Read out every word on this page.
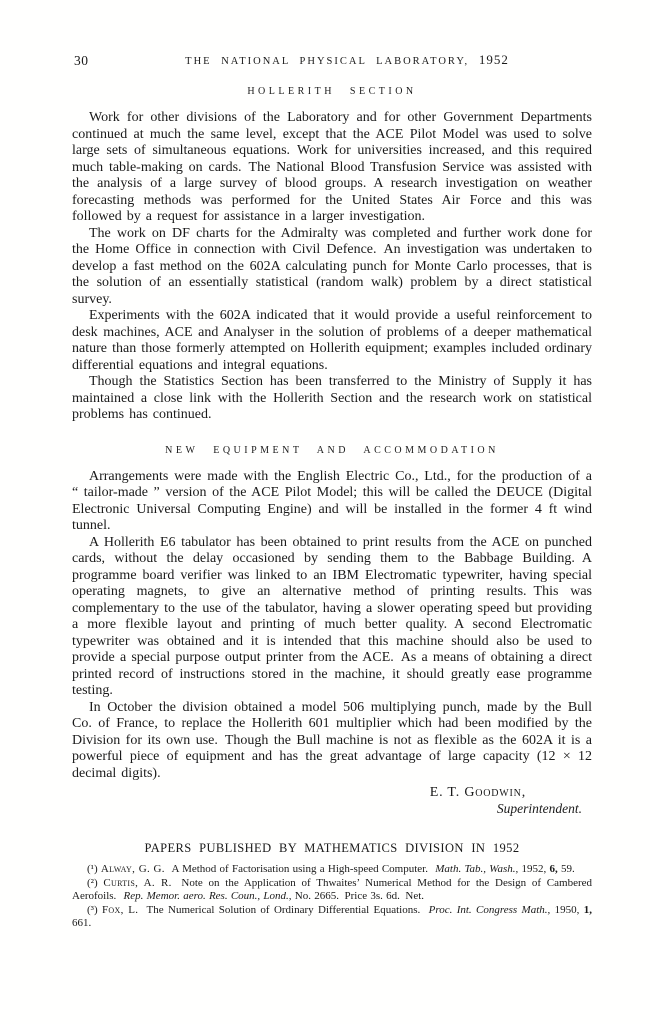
30	THE NATIONAL PHYSICAL LABORATORY, 1952
HOLLERITH SECTION

Work for other divisions of the Laboratory and for other Government Departments continued at much the same level, except that the ACE Pilot Model was used to solve large sets of simultaneous equations. Work for universities increased, and this required much table-making on cards. The National Blood Transfusion Service was assisted with the analysis of a large survey of blood groups. A research investigation on weather forecasting methods was performed for the United States Air Force and this was followed by a request for assistance in a larger investigation.

The work on DF charts for the Admiralty was completed and further work done for the Home Office in connection with Civil Defence. An investigation was undertaken to develop a fast method on the 602A calculating punch for Monte Carlo processes, that is the solution of an essentially statistical (random walk) problem by a direct statistical survey.

Experiments with the 602A indicated that it would provide a useful reinforcement to desk machines, ACE and Analyser in the solution of problems of a deeper mathematical nature than those formerly attempted on Hollerith equipment; examples included ordinary differential equations and integral equations.

Though the Statistics Section has been transferred to the Ministry of Supply it has maintained a close link with the Hollerith Section and the research work on statistical problems has continued.

NEW EQUIPMENT AND ACCOMMODATION

Arrangements were made with the English Electric Co., Ltd., for the production of a “ tailor-made ” version of the ACE Pilot Model; this will be called the DEUCE (Digital Electronic Universal Computing Engine) and will be installed in the former 4 ft wind tunnel.

A Hollerith E6 tabulator has been obtained to print results from the ACE on punched cards, without the delay occasioned by sending them to the Babbage Building. A programme board verifier was linked to an IBM Electromatic typewriter, having special operating magnets, to give an alternative method of printing results. This was complementary to the use of the tabulator, having a slower operating speed but providing a more flexible layout and printing of much better quality. A second Electromatic typewriter was obtained and it is intended that this machine should also be used to provide a special purpose output printer from the ACE. As a means of obtaining a direct printed record of instructions stored in the machine, it should greatly ease programme testing.

In October the division obtained a model 506 multiplying punch, made by the Bull Co. of France, to replace the Hollerith 601 multiplier which had been modified by the Division for its own use. Though the Bull machine is not as flexible as the 602A it is a powerful piece of equipment and has the great advantage of large capacity (12 × 12 decimal digits).

E. T. Goodwin,
Superintendent.
PAPERS PUBLISHED BY MATHEMATICS DIVISION IN 1952

(¹) Alway, G. G. A Method of Factorisation using a High-speed Computer. Math. Tab., Wash., 1952, 6, 59.

(²) Curtis, A. R. Note on the Application of Thwaites’ Numerical Method for the Design of Cambered Aerofoils. Rep. Memor. aero. Res. Coun., Lond., No. 2665. Price 3s. 6d. Net.

(³) Fox, L. The Numerical Solution of Ordinary Differential Equations. Proc. Int. Congress Math., 1950, 1, 661.
